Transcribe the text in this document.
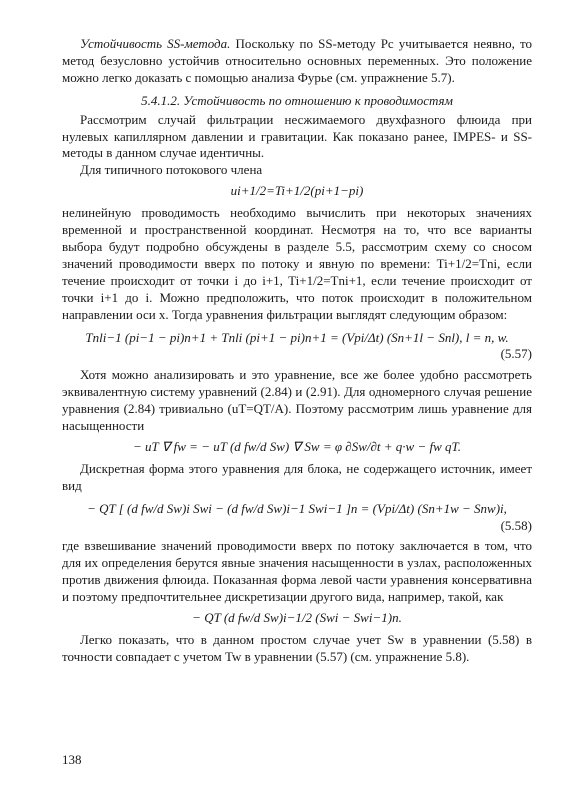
Устойчивость SS-метода. Поскольку по SS-методу Pc учитывается неявно, то метод безусловно устойчив относительно основных переменных. Это положение можно легко доказать с помощью анализа Фурье (см. упражнение 5.7).

5.4.1.2. Устойчивость по отношению к проводимостям

Рассмотрим случай фильтрации несжимаемого двухфазного флюида при нулевых капиллярном давлении и гравитации. Как показано ранее, IMPES- и SS-методы в данном случае идентичны.

Для типичного потокового члена

ui+1/2=Ti+1/2(pi+1−pi)

нелинейную проводимость необходимо вычислить при некоторых значениях временной и пространственной координат. Несмотря на то, что все варианты выбора будут подробно обсуждены в разделе 5.5, рассмотрим схему со сносом значений проводимости вверх по потоку и явную по времени: Ti+1/2=Tni, если течение происходит от точки i до i+1, Ti+1/2=Tni+1, если течение происходит от точки i+1 до i. Можно предположить, что поток происходит в положительном направлении оси x. Тогда уравнения фильтрации выглядят следующим образом:

Tnli−1 (pi−1 − pi)n+1 + Tnli (pi+1 − pi)n+1 = (Vpi/Δt) (Sn+1l − Snl), l = n, w.
(5.57)

Хотя можно анализировать и это уравнение, все же более удобно рассмотреть эквивалентную систему уравнений (2.84) и (2.91). Для одномерного случая решение уравнения (2.84) тривиально (uT=QT/A). Поэтому рассмотрим лишь уравнение для насыщенности

− uT ∇ fw = − uT (d fw/d Sw) ∇ Sw = φ ∂Sw/∂t + q·w − fw qT.

Дискретная форма этого уравнения для блока, не содержащего источник, имеет вид

− QT [ (d fw/d Sw)i Swi − (d fw/d Sw)i−1 Swi−1 ]n = (Vpi/Δt) (Sn+1w − Snw)i,
(5.58)

где взвешивание значений проводимости вверх по потоку заключается в том, что для их определения берутся явные значения насыщенности в узлах, расположенных против движения флюида. Показанная форма левой части уравнения консервативна и поэтому предпочтительнее дискретизации другого вида, например, такой, как

− QT (d fw/d Sw)i−1/2 (Swi − Swi−1)n.

Легко показать, что в данном простом случае учет Sw в уравнении (5.58) в точности совпадает с учетом Tw в уравнении (5.57) (см. упражнение 5.8).

138
